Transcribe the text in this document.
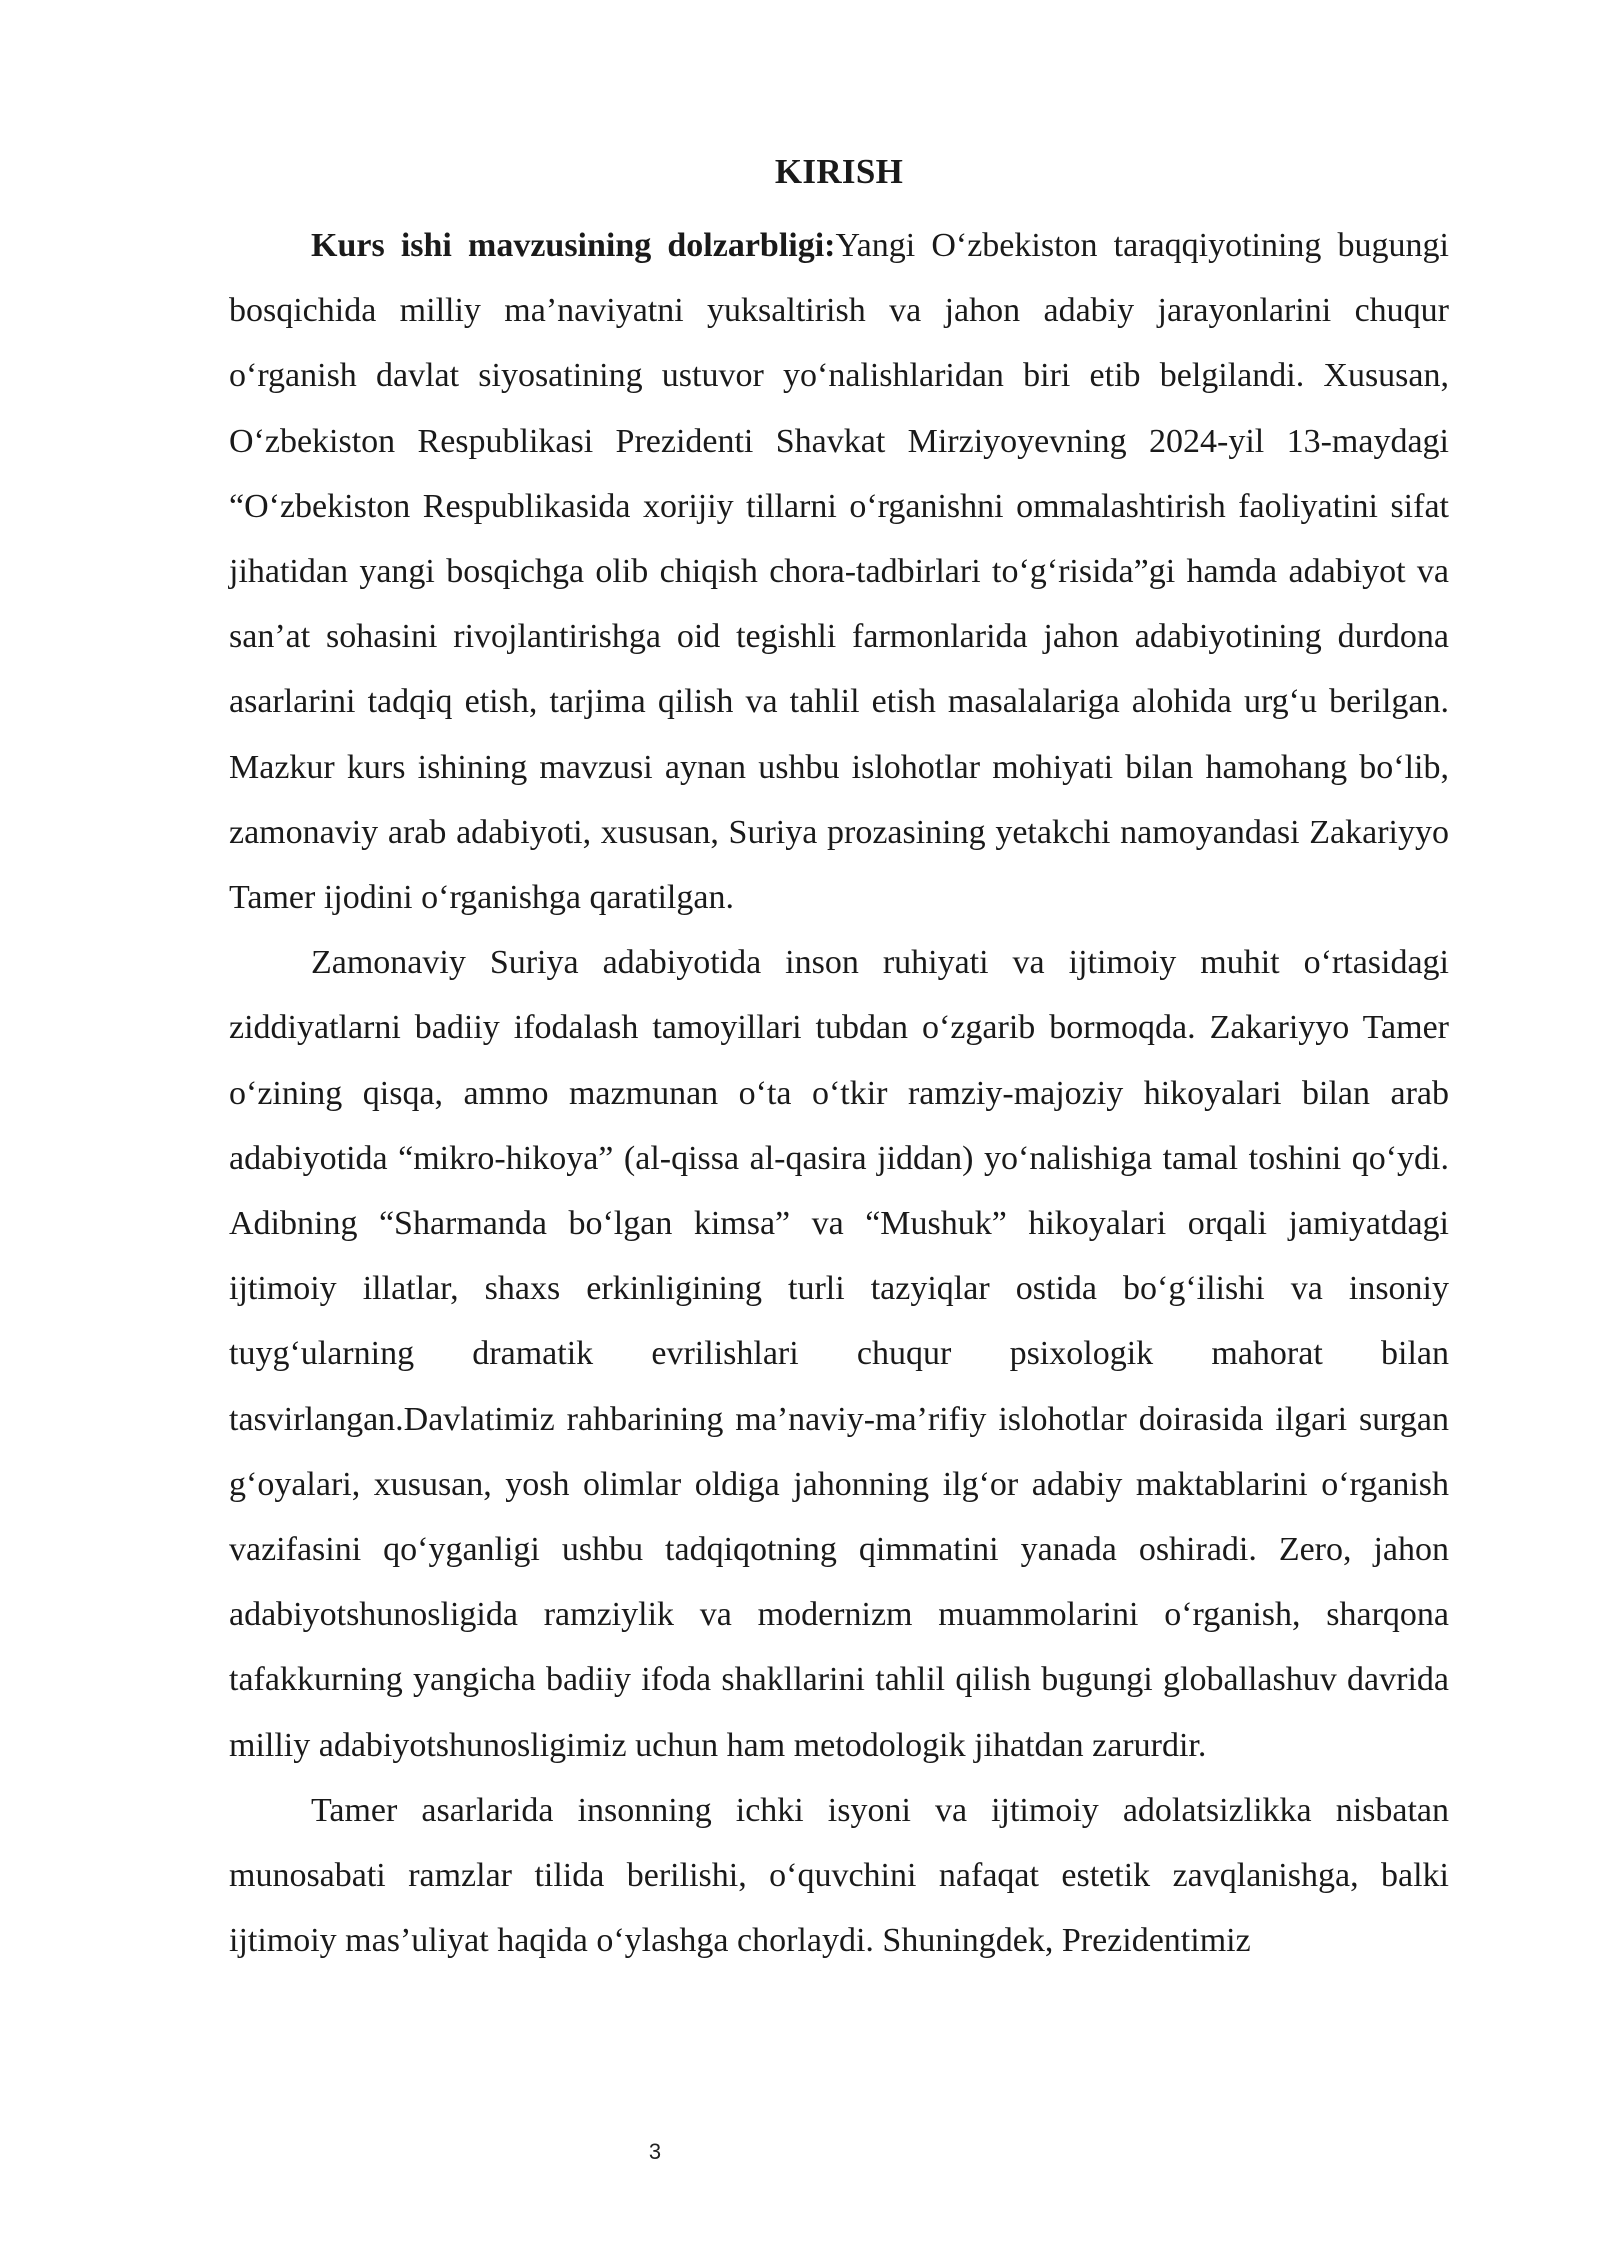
KIRISH

Kurs ishi mavzusining dolzarbligi:Yangi O‘zbekiston taraqqiyotining bugungi bosqichida milliy ma’naviyatni yuksaltirish va jahon adabiy jarayonlarini chuqur o‘rganish davlat siyosatining ustuvor yo‘nalishlaridan biri etib belgilandi. Xususan, O‘zbekiston Respublikasi Prezidenti Shavkat Mirziyoyevning 2024-yil 13-maydagi “O‘zbekiston Respublikasida xorijiy tillarni o‘rganishni ommalashtirish faoliyatini sifat jihatidan yangi bosqichga olib chiqish chora-tadbirlari to‘g‘risida”gi hamda adabiyot va san’at sohasini rivojlantirishga oid tegishli farmonlarida jahon adabiyotining durdona asarlarini tadqiq etish, tarjima qilish va tahlil etish masalalariga alohida urg‘u berilgan. Mazkur kurs ishining mavzusi aynan ushbu islohotlar mohiyati bilan hamohang bo‘lib, zamonaviy arab adabiyoti, xususan, Suriya prozasining yetakchi namoyandasi Zakariyyo Tamer ijodini o‘rganishga qaratilgan.

Zamonaviy Suriya adabiyotida inson ruhiyati va ijtimoiy muhit o‘rtasidagi ziddiyatlarni badiiy ifodalash tamoyillari tubdan o‘zgarib bormoqda. Zakariyyo Tamer o‘zining qisqa, ammo mazmunan o‘ta o‘tkir ramziy-majoziy hikoyalari bilan arab adabiyotida “mikro-hikoya” (al-qissa al-qasira jiddan) yo‘nalishiga tamal toshini qo‘ydi. Adibning “Sharmanda bo‘lgan kimsa” va “Mushuk” hikoyalari orqali jamiyatdagi ijtimoiy illatlar, shaxs erkinligining turli tazyiqlar ostida bo‘g‘ilishi va insoniy tuyg‘ularning dramatik evrilishlari chuqur psixologik mahorat bilan tasvirlangan.Davlatimiz rahbarining ma’naviy-ma’rifiy islohotlar doirasida ilgari surgan g‘oyalari, xususan, yosh olimlar oldiga jahonning ilg‘or adabiy maktablarini o‘rganish vazifasini qo‘yganligi ushbu tadqiqotning qimmatini yanada oshiradi. Zero, jahon adabiyotshunosligida ramziylik va modernizm muammolarini o‘rganish, sharqona tafakkurning yangicha badiiy ifoda shakllarini tahlil qilish bugungi globallashuv davrida milliy adabiyotshunosligimiz uchun ham metodologik jihatdan zarurdir.

Tamer asarlarida insonning ichki isyoni va ijtimoiy adolatsizlikka nisbatan munosabati ramzlar tilida berilishi, o‘quvchini nafaqat estetik zavqlanishga, balki ijtimoiy mas’uliyat haqida o‘ylashga chorlaydi. Shuningdek, Prezidentimiz

3
